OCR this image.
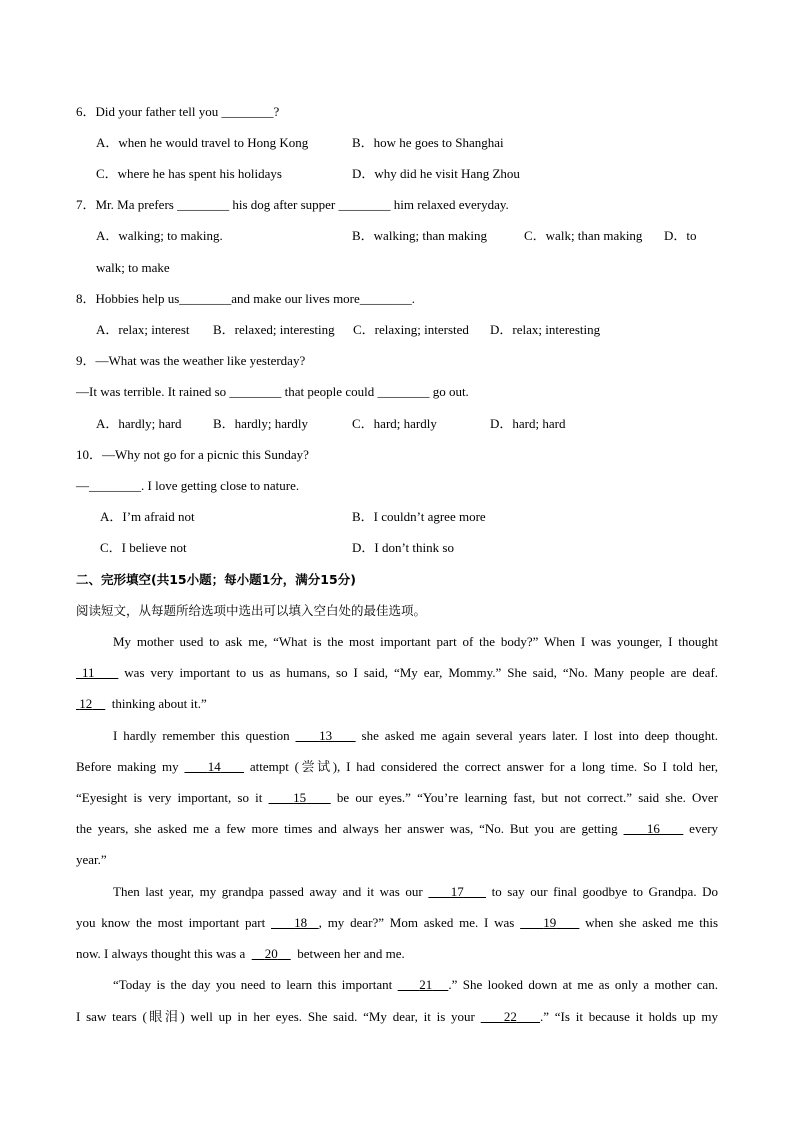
6．Did your father tell you ________?
A．when he would travel to Hong Kong	B．how he goes to Shanghai
C．where he has spent his holidays	D．why did he visit Hang Zhou
7．Mr. Ma prefers ________ his dog after supper ________ him relaxed everyday.
A．walking; to making.	B．walking; than making	C．walk; than making D．to
walk; to make
8．Hobbies help us________and make our lives more________.
A．relax; interest B．relaxed; interesting C．relaxing; intersted D．relax; interesting
9．—What was the weather like yesterday?
—It was terrible. It rained so ________ that people could ________ go out.
A．hardly; hard B．hardly; hardly	C．hard; hardly	D．hard; hard
10．—Why not go for a picnic this Sunday?
—________. I love getting close to nature.
A．I’m afraid not	B．I couldn’t agree more
C．I believe not	D．I don’t think so
二、完形填空(共15小题；每小题1分，满分15分)
阅读短文，从每题所给选项中选出可以填入空白处的最佳选项。
My mother used to ask me, “What is the most important part of the body?” When I was younger, I thought
11 was very important to us as humans, so I said, “My ear, Mommy.” She said, “No. Many people are deaf.
12 thinking about it.”
I hardly remember this question 13 she asked me again several years later. I lost into deep thought.
Before making my 14 attempt (尝试), I had considered the correct answer for a long time. So I told her,
“Eyesight is very important, so it 15 be our eyes.” “You’re learning fast, but not correct.” said she. Over
the years, she asked me a few more times and always her answer was, “No. But you are getting 16 every
year.”
Then last year, my grandpa passed away and it was our 17 to say our final goodbye to Grandpa. Do
you know the most important part 18 , my dear?” Mom asked me. I was 19 when she asked me this
now. I always thought this was a 20 between her and me.
“Today is the day you need to learn this important 21 .” She looked down at me as only a mother can.
I saw tears (眼泪) well up in her eyes. She said. “My dear, it is your 22 .” “Is it because it holds up my
